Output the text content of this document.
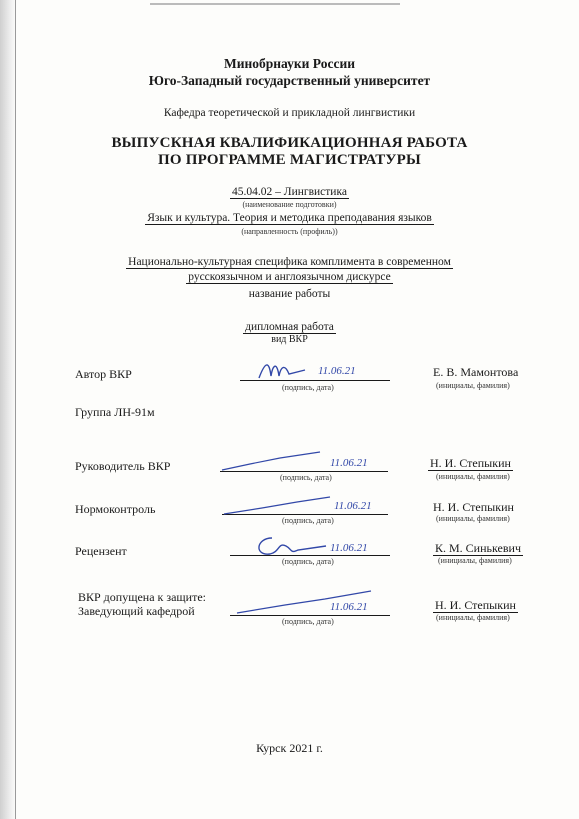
Минобрнауки России
Юго-Западный государственный университет
Кафедра теоретической и прикладной лингвистики
ВЫПУСКНАЯ КВАЛИФИКАЦИОННАЯ РАБОТА
ПО ПРОГРАММЕ МАГИСТРАТУРЫ
45.04.02 – Лингвистика
(наименование подготовки)
Язык и культура. Теория и методика преподавания языков
(направленность (профиль))
Национально-культурная специфика комплимента в современном
русскоязычном и англоязычном дискурсе
название работы
дипломная работа
вид ВКР
Автор ВКР	11.06.21
(подпись, дата)
Е. В. Мамонтова
(инициалы, фамилия)
Группа ЛН-91м
Руководитель ВКР	11.06.21
(подпись, дата)
Н. И. Степыкин
(инициалы, фамилия)
Нормоконтроль	11.06.21
(подпись, дата)
Н. И. Степыкин
(инициалы, фамилия)
Рецензент	11.06.21
(подпись, дата)
К. М. Синькевич
(инициалы, фамилия)
ВКР допущена к защите:
Заведующий кафедрой	11.06.21
(подпись, дата)
Н. И. Степыкин
(инициалы, фамилия)
Курск 2021 г.
